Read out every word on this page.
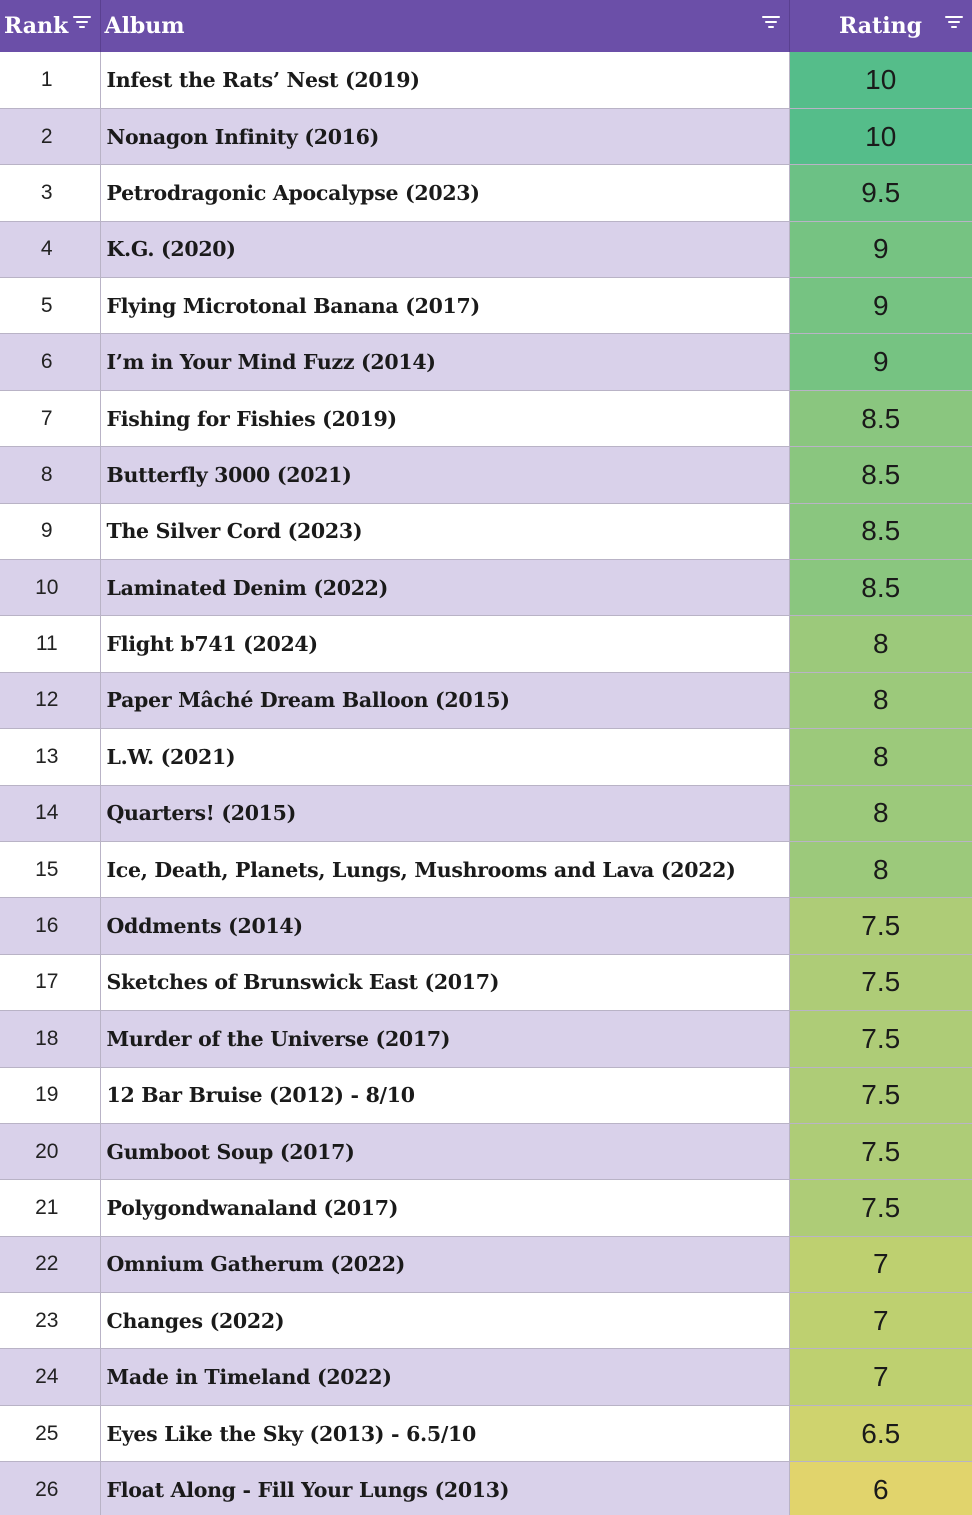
Rank	Album	Rating

1	Infest the Rats’ Nest (2019)	10
2	Nonagon Infinity (2016)	10
3	Petrodragonic Apocalypse (2023)	9.5
4	K.G. (2020)	9
5	Flying Microtonal Banana (2017)	9
6	I’m in Your Mind Fuzz (2014)	9
7	Fishing for Fishies (2019)	8.5
8	Butterfly 3000 (2021)	8.5
9	The Silver Cord (2023)	8.5
10	Laminated Denim (2022)	8.5
11	Flight b741 (2024)	8
12	Paper Mâché Dream Balloon (2015)	8
13	L.W. (2021)	8
14	Quarters! (2015)	8
15	Ice, Death, Planets, Lungs, Mushrooms and Lava (2022)	8
16	Oddments (2014)	7.5
17	Sketches of Brunswick East (2017)	7.5
18	Murder of the Universe (2017)	7.5
19	12 Bar Bruise (2012) - 8/10	7.5
20	Gumboot Soup (2017)	7.5
21	Polygondwanaland (2017)	7.5
22	Omnium Gatherum (2022)	7
23	Changes (2022)	7
24	Made in Timeland (2022)	7
25	Eyes Like the Sky (2013) - 6.5/10	6.5
26	Float Along - Fill Your Lungs (2013)	6
